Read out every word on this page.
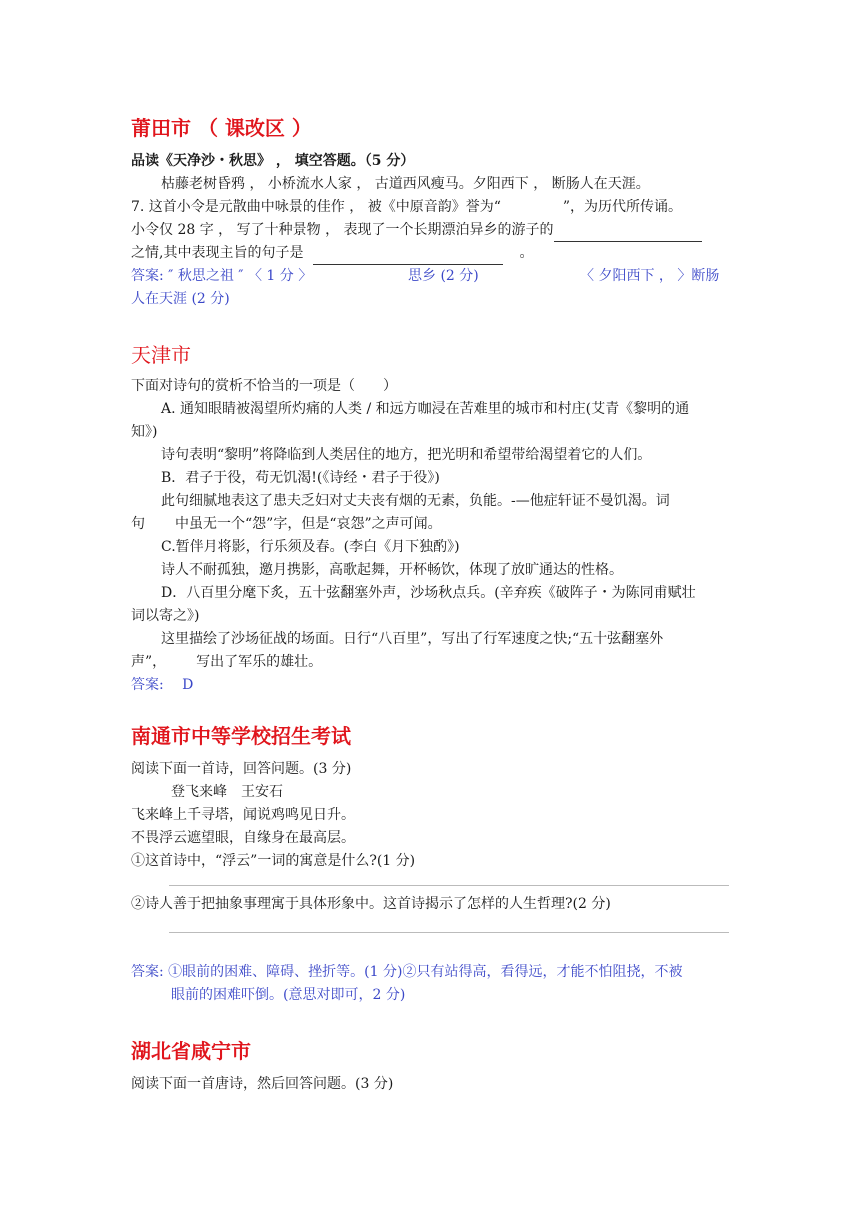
莆田市 （ 课改区 ）
品读《天净沙・秋思》 ， 填空答题。（5 分）
枯藤老树昏鸦 ， 小桥流水人家 ， 古道西风瘦马。夕阳西下 ， 断肠人在天涯。
7. 这首小令是元散曲中咏景的佳作 ， 被《中原音韵》誉为“	”，为历代所传诵。
小令仅 28 字 ， 写了十种景物 ， 表现了一个长期漂泊异乡的游子的
之情,其中表现主旨的句子是	。
答案: ″ 秋思之祖 ″ 〈 1 分 〉	思乡 (2 分)	〈 夕阳西下 ， 〉断肠
人在天涯 (2 分)
天津市
下面对诗句的赏析不恰当的一项是（　　）
A. 通知眼睛被渴望所灼痛的人类 / 和远方咖浸在苦难里的城市和村庄(艾青《黎明的通
知》)
诗句表明“黎明”将降临到人类居住的地方，把光明和希望带给渴望着它的人们。
B．君子于役，苟无饥渴!(《诗经・君子于役》)
此句细腻地表这了患夫乏妇对丈夫丧有烟的无素，负能。-—他症轩证不曼饥渴。词
句 中虽无一个“怨”字，但是“哀怨”之声可闻。
C.暂伴月将影，行乐须及春。(李白《月下独酌》)
诗人不耐孤独，邀月携影，高歌起舞，开杯畅饮，体现了放旷通达的性格。
D．八百里分麾下炙，五十弦翻塞外声，沙场秋点兵。(辛弃疾《破阵子・为陈同甫赋壮
词以寄之》)
这里描绘了沙场征战的场面。日行“八百里”，写出了行军速度之快;“五十弦翻塞外
声”， 写出了军乐的雄壮。
答案:　 D
南通市中等学校招生考试
阅读下面一首诗，回答问题。(3 分)
登飞来峰　王安石
飞来峰上千寻塔，闻说鸡鸣见日升。
不畏浮云遮望眼，自缘身在最高层。
①这首诗中，“浮云”一词的寓意是什么?(1 分)
②诗人善于把抽象事理寓于具体形象中。这首诗揭示了怎样的人生哲理?(2 分)
答案: ①眼前的困难、障碍、挫折等。(1 分)②只有站得高，看得远，才能不怕阻挠，不被
眼前的困难吓倒。(意思对即可，2 分)
湖北省咸宁市
阅读下面一首唐诗，然后回答问题。(3 分)
